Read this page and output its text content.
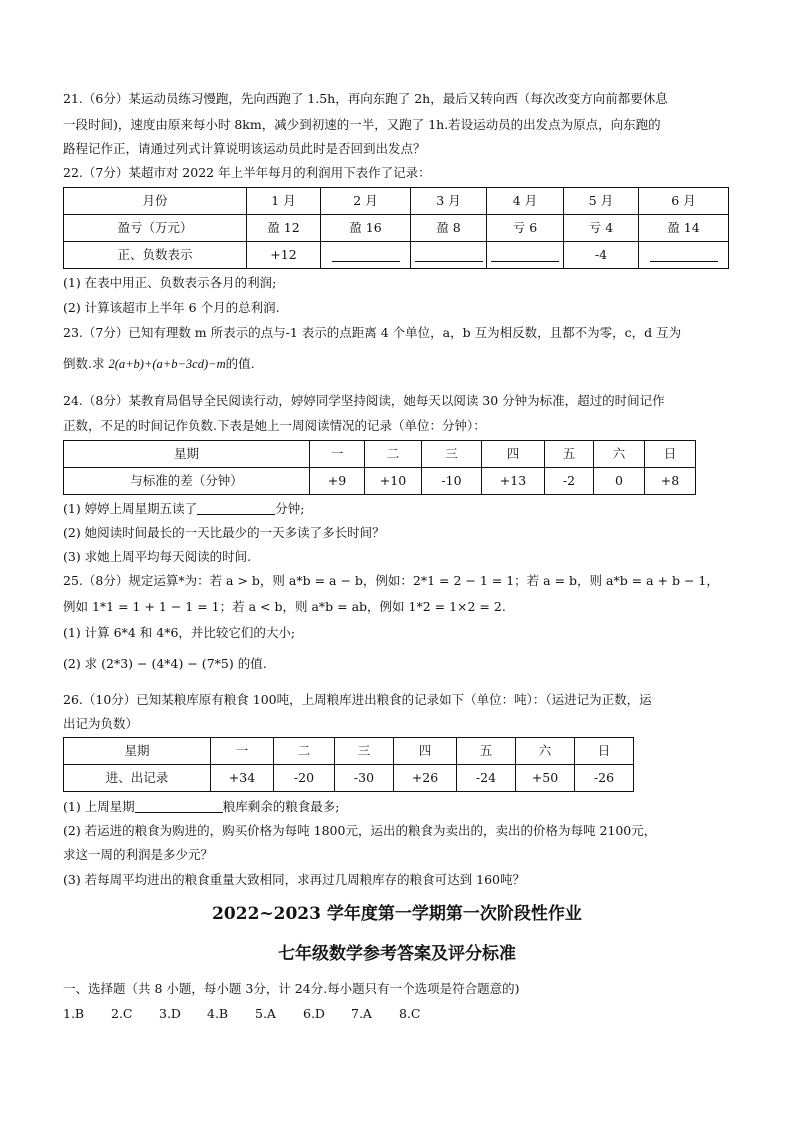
21.（6分）某运动员练习慢跑，先向西跑了 1.5h，再向东跑了 2h，最后又转向西（每次改变方向前都要休息
一段时间)，速度由原来每小时 8km，减少到初速的一半，又跑了 1h.若设运动员的出发点为原点，向东跑的
路程记作正，请通过列式计算说明该运动员此时是否回到出发点？
22.（7分）某超市对 2022 年上半年每月的利润用下表作了记录：
月份	1 月	2 月	3 月	4 月	5 月	6 月
盈亏（万元）	盈 12	盈 16	盈 8	亏 6	亏 4	盈 14
正、负数表示	+12				-4	
(1) 在表中用正、负数表示各月的利润;
(2) 计算该超市上半年 6 个月的总利润.
23.（7分）已知有理数 m 所表示的点与-1 表示的点距离 4 个单位，a，b 互为相反数，且都不为零，c，d 互为
倒数.求 2(a+b)+(a+b−3cd)−m的值.
24.（8分）某教育局倡导全民阅读行动，婷婷同学坚持阅读，她每天以阅读 30 分钟为标准，超过的时间记作
正数，不足的时间记作负数.下表是她上一周阅读情况的记录（单位：分钟）：
星期	一	二	三	四	五	六	日
与标准的差（分钟）	+9	+10	-10	+13	-2	0	+8
(1) 婷婷上周星期五读了	分钟;
(2) 她阅读时间最长的一天比最少的一天多读了多长时间？
(3) 求她上周平均每天阅读的时间.
25.（8分）规定运算*为：若 a > b，则 a*b = a − b，例如：2*1 = 2 − 1 = 1；若 a = b，则 a*b = a + b − 1，
例如 1*1 = 1 + 1 − 1 = 1；若 a < b，则 a*b = ab，例如 1*2 = 1×2 = 2.
(1) 计算 6*4 和 4*6，并比较它们的大小;
(2) 求 (2*3) − (4*4) − (7*5) 的值.
26.（10分）已知某粮库原有粮食 100吨，上周粮库进出粮食的记录如下（单位：吨）：（运进记为正数，运
出记为负数）
星期	一	二	三	四	五	六	日
进、出记录	+34	-20	-30	+26	-24	+50	-26
(1) 上周星期	粮库剩余的粮食最多;
(2) 若运进的粮食为购进的，购买价格为每吨 1800元，运出的粮食为卖出的，卖出的价格为每吨 2100元，
求这一周的利润是多少元？
(3) 若每周平均进出的粮食重量大致相同，求再过几周粮库存的粮食可达到 160吨？
2022~2023 学年度第一学期第一次阶段性作业
七年级数学参考答案及评分标准
一、选择题（共 8 小题，每小题 3分，计 24分.每小题只有一个选项是符合题意的)
1.B 2.C 3.D 4.B 5.A 6.D 7.A 8.C
